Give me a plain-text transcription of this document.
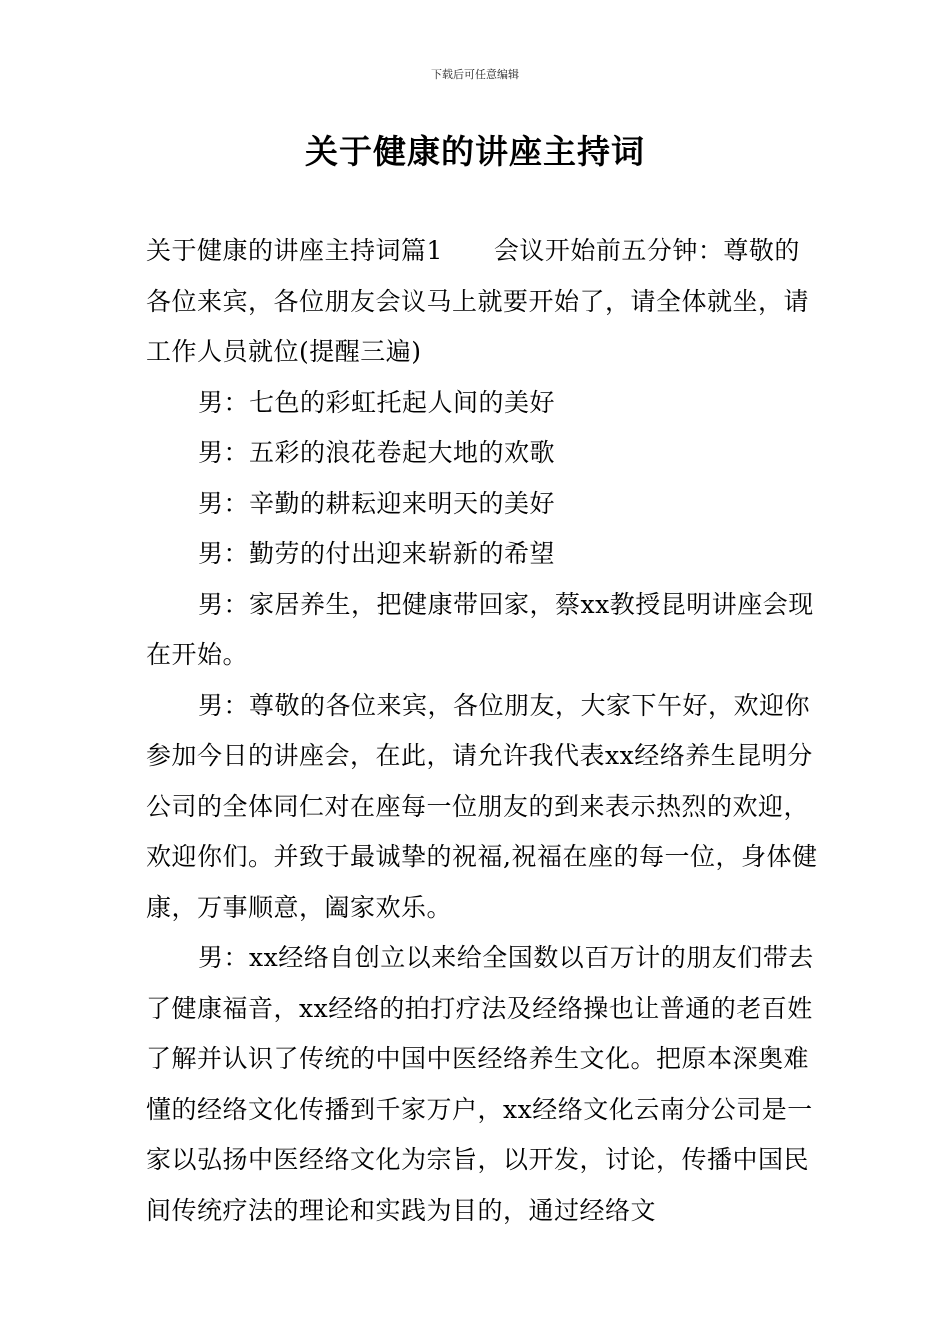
下载后可任意编辑
关于健康的讲座主持词

关于健康的讲座主持词篇1　　会议开始前五分钟：尊敬的各位来宾，各位朋友会议马上就要开始了，请全体就坐，请工作人员就位(提醒三遍)

男：七色的彩虹托起人间的美好

男：五彩的浪花卷起大地的欢歌

男：辛勤的耕耘迎来明天的美好

男：勤劳的付出迎来崭新的希望

男：家居养生，把健康带回家，蔡xx教授昆明讲座会现在开始。

男：尊敬的各位来宾，各位朋友，大家下午好，欢迎你参加今日的讲座会，在此，请允许我代表xx经络养生昆明分公司的全体同仁对在座每一位朋友的到来表示热烈的欢迎，欢迎你们。并致于最诚挚的祝福,祝福在座的每一位，身体健康，万事顺意，阖家欢乐。

男：xx经络自创立以来给全国数以百万计的朋友们带去了健康福音，xx经络的拍打疗法及经络操也让普通的老百姓了解并认识了传统的中国中医经络养生文化。把原本深奥难懂的经络文化传播到千家万户，xx经络文化云南分公司是一家以弘扬中医经络文化为宗旨，以开发，讨论，传播中国民间传统疗法的理论和实践为目的，通过经络文
